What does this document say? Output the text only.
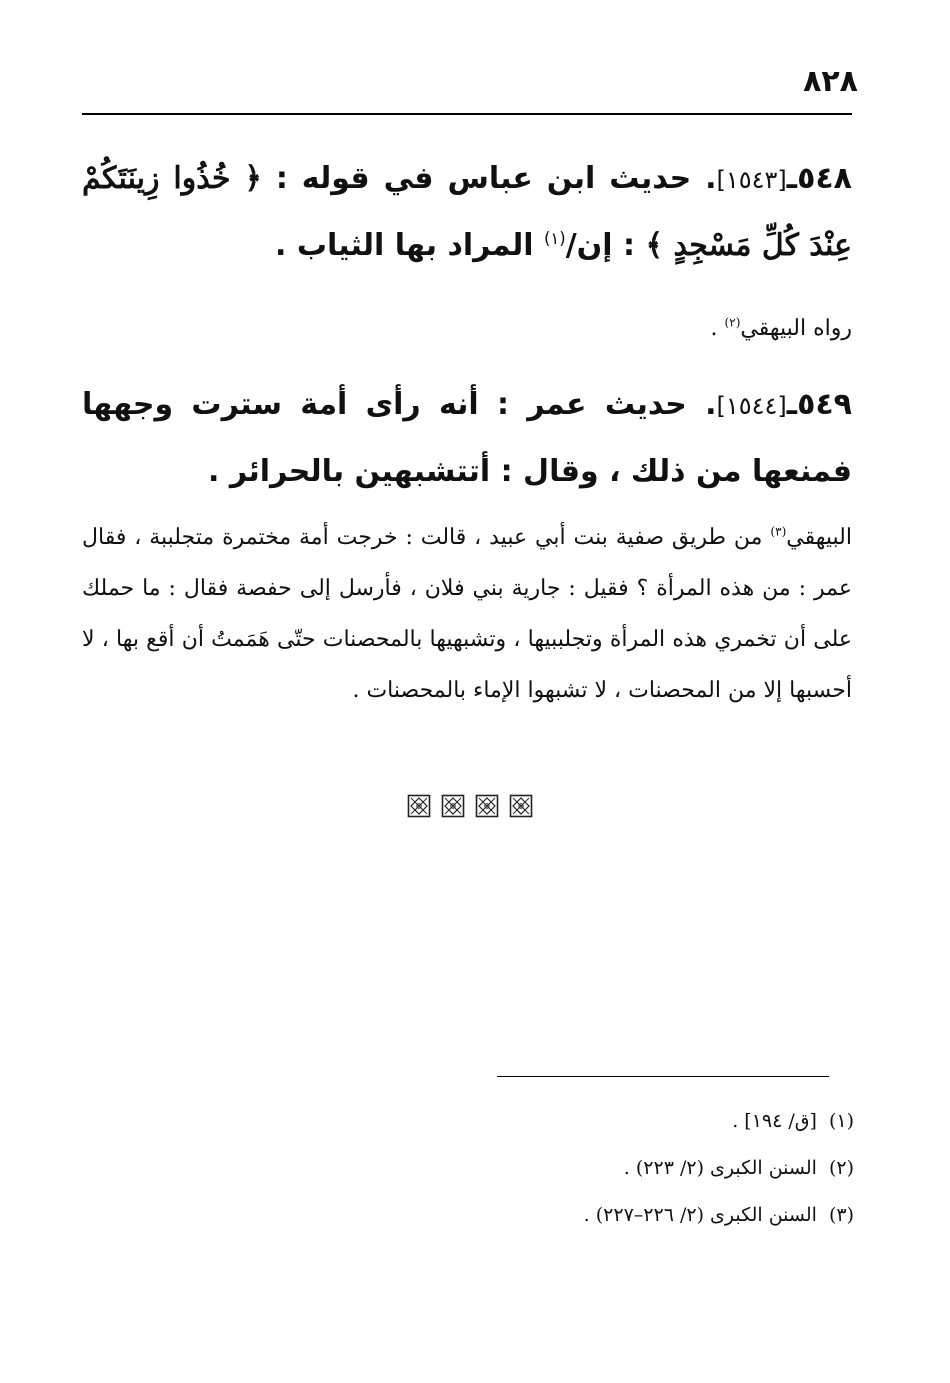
٨٢٨
٥٤٨ـ[١٥٤٣]. حديث ابن عباس في قوله : ﴿ خُذُوا زِينَتَكُمْ عِنْدَ كُلِّ مَسْجِدٍ ﴾ : إن/$^{(١)}$ المراد بها الثياب .
رواه البيهقي$^{(٢)}$ .
٥٤٩ـ[١٥٤٤]. حديث عمر : أنه رأى أمة سترت وجهها فمنعها من ذلك ، وقال : أتتشبهين بالحرائر .
البيهقي$^{(٣)}$ من طريق صفية بنت أبي عبيد ، قالت : خرجت أمة مختمرة متجلببة ، فقال عمر : من هذه المرأة ؟ فقيل : جارية بني فلان ، فأرسل إلى حفصة فقال : ما حملك على أن تخمري هذه المرأة وتجلببيها ، وتشبهيها بالمحصنات حتّى هَمَمتُ أن أقع بها ، لا أحسبها إلا من المحصنات ، لا تشبهوا الإماء بالمحصنات .
(١)[ق/ ١٩٤] .
(٢)السنن الكبرى (٢/ ٢٢٣) .
(٣)السنن الكبرى (٢/ ٢٢٦–٢٢٧) .
